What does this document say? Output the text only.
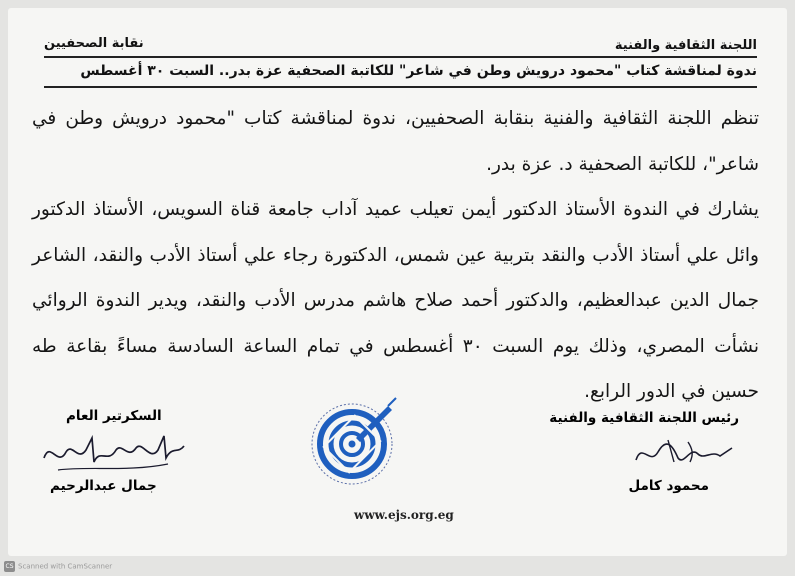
اللجنة الثقافية والفنية
نقابة الصحفيين
ندوة لمناقشة كتاب "محمود درويش وطن في شاعر" للكاتبة الصحفية عزة بدر.. السبت ٣٠ أغسطس

تنظم اللجنة الثقافية والفنية بنقابة الصحفيين، ندوة لمناقشة كتاب "محمود درويش وطن في شاعر"، للكاتبة الصحفية د. عزة بدر.

يشارك في الندوة الأستاذ الدكتور أيمن تعيلب عميد آداب جامعة قناة السويس، الأستاذ الدكتور وائل علي أستاذ الأدب والنقد بتربية عين شمس، الدكتورة رجاء علي أستاذ الأدب والنقد، الشاعر جمال الدين عبدالعظيم، والدكتور أحمد صلاح هاشم مدرس الأدب والنقد، ويدير الندوة الروائي نشأت المصري، وذلك يوم السبت ٣٠ أغسطس في تمام الساعة السادسة مساءً بقاعة طه حسين في الدور الرابع.

رئيس اللجنة الثقافية والفنية
محمود كامل
السكرتير العام
جمال عبدالرحيم
www.ejs.org.eg
CS Scanned with CamScanner
